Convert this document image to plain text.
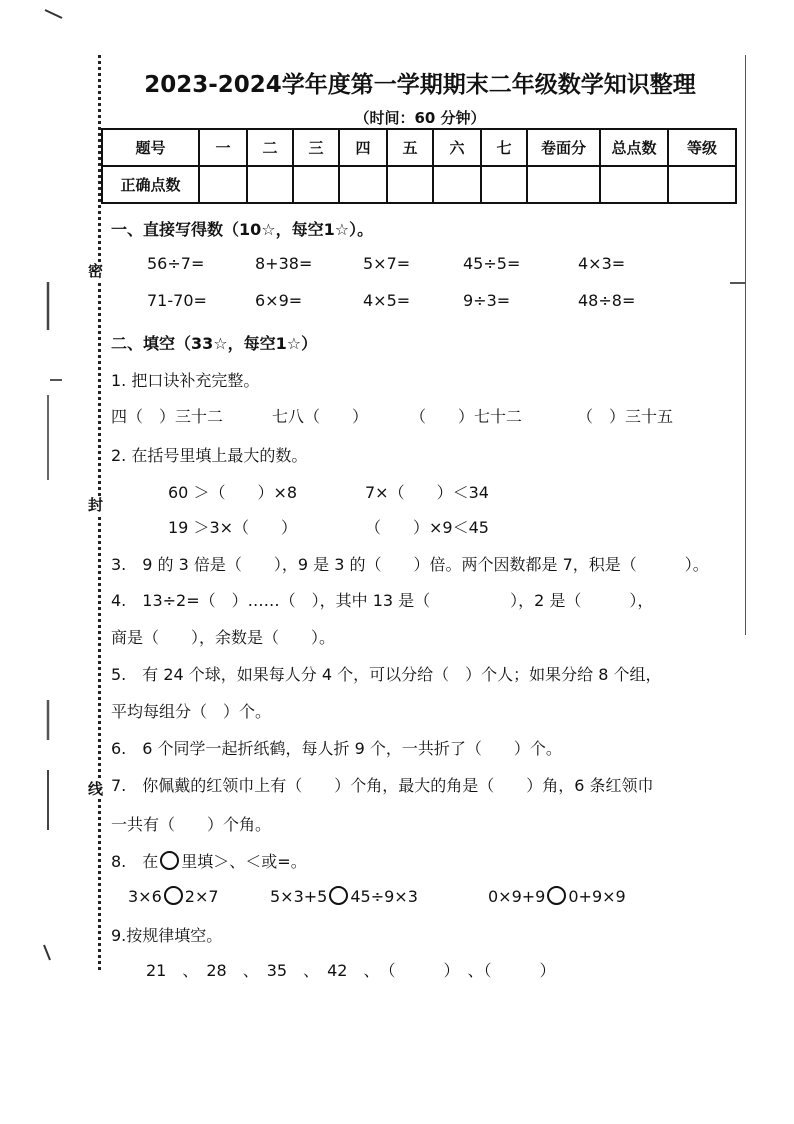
密
封
线
2023-2024学年度第一学期期末二年级数学知识整理
（时间：60 分钟）
题号	一	二	三	四	五	六	七	卷面分	总点数	等级
正确点数										
一、直接写得数（10☆，每空1☆）。
56÷7=	8+38=	5×7=	45÷5=	4×3=
71-70=	6×9=	4×5=	9÷3=	48÷8=
二、填空（33☆，每空1☆）
1. 把口诀补充完整。
四（　）三十二	七八（　　）	（　　）七十二	（　）三十五
2. 在括号里填上最大的数。
60 ＞（　　）×8	7×（　　）＜34
19 ＞3×（　　）	（　　）×9＜45
3.　9 的 3 倍是（　　），9 是 3 的（　　）倍。两个因数都是 7，积是（　　　）。
4.　13÷2=（　）……（　），其中 13 是（　　　　　），2 是（　　　），
商是（　　），余数是（　　）。
5.　有 24 个球，如果每人分 4 个，可以分给（　）个人；如果分给 8 个组，
平均每组分（　）个。
6.　6 个同学一起折纸鹤，每人折 9 个，一共折了（　　）个。
7.　你佩戴的红领巾上有（　　）个角，最大的角是（　　）角，6 条红领巾
一共有（　　）个角。
8.　在 里填＞、＜或=。
3×6 2×7	5×3+5 45÷9×3	0×9+9 0+9×9
9.按规律填空。
21　、　28　、　35　、　42　、　（　　　）　、（　　　）
